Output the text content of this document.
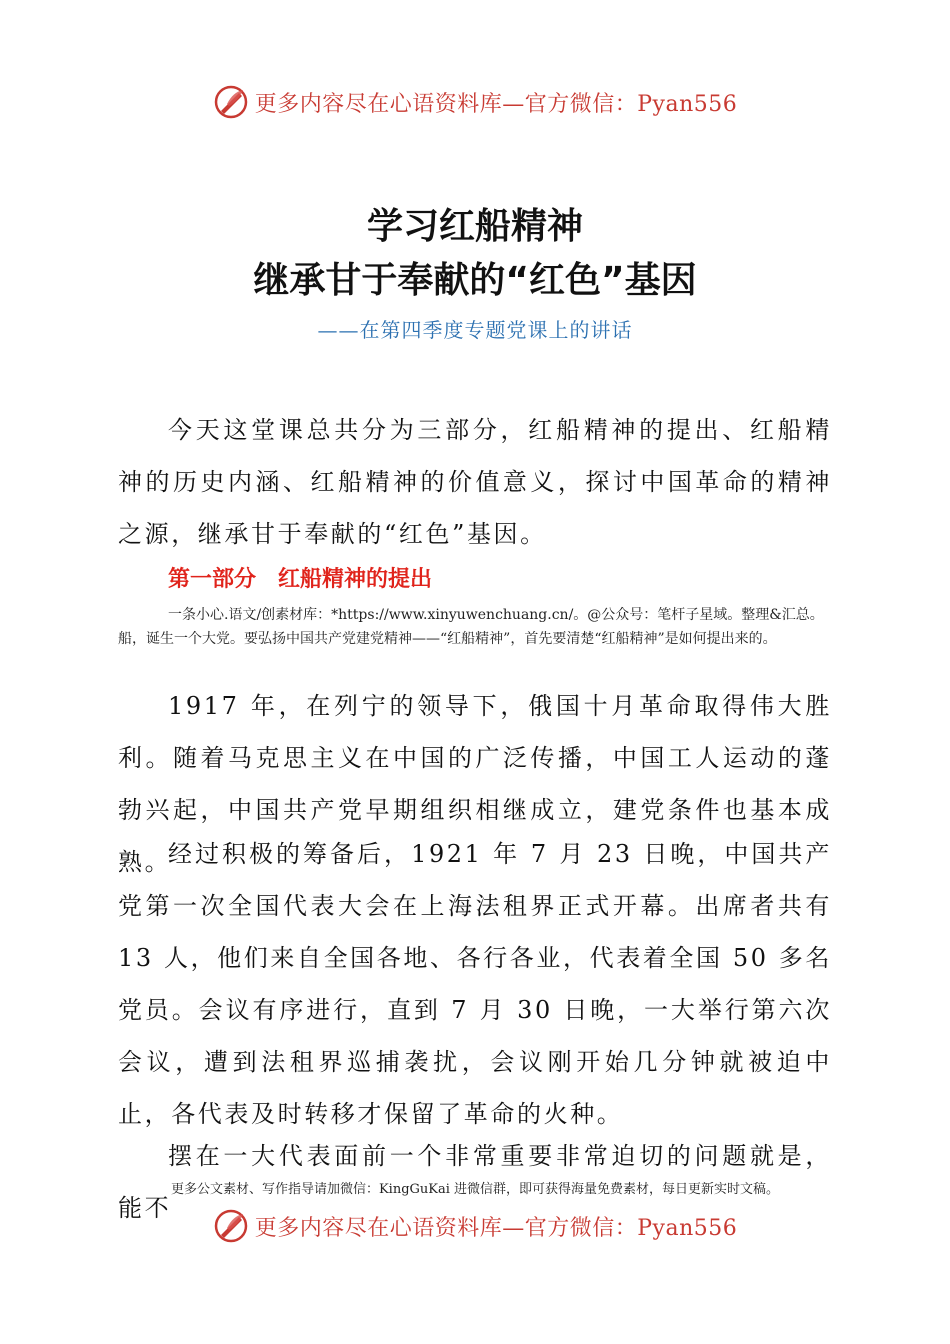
更多内容尽在心语资料库—官方微信：Pyan556
学习红船精神
继承甘于奉献的“红色”基因
——在第四季度专题党课上的讲话

今天这堂课总共分为三部分，红船精神的提出、红船精神的历史内涵、红船精神的价值意义，探讨中国革命的精神之源，继承甘于奉献的“红色”基因。

第一部分　红船精神的提出

一条小心.语文/创素材库：*https://www.xinyuwenchuang.cn/。@公众号：笔杆子星域。整理&汇总。船，诞生一个大党。要弘扬中国共产党建党精神——“红船精神”，首先要清楚“红船精神”是如何提出来的。

1917 年，在列宁的领导下，俄国十月革命取得伟大胜利。随着马克思主义在中国的广泛传播，中国工人运动的蓬勃兴起，中国共产党早期组织相继成立，建党条件也基本成熟。

经过积极的筹备后，1921 年 7 月 23 日晚，中国共产党第一次全国代表大会在上海法租界正式开幕。出席者共有 13 人，他们来自全国各地、各行各业，代表着全国 50 多名党员。会议有序进行，直到 7 月 30 日晚，一大举行第六次会议，遭到法租界巡捕袭扰，会议刚开始几分钟就被迫中止，各代表及时转移才保留了革命的火种。

摆在一大代表面前一个非常重要非常迫切的问题就是，能不

更多公文素材、写作指导请加微信：KingGuKai 进微信群，即可获得海量免费素材，每日更新实时文稿。
更多内容尽在心语资料库—官方微信：Pyan556
